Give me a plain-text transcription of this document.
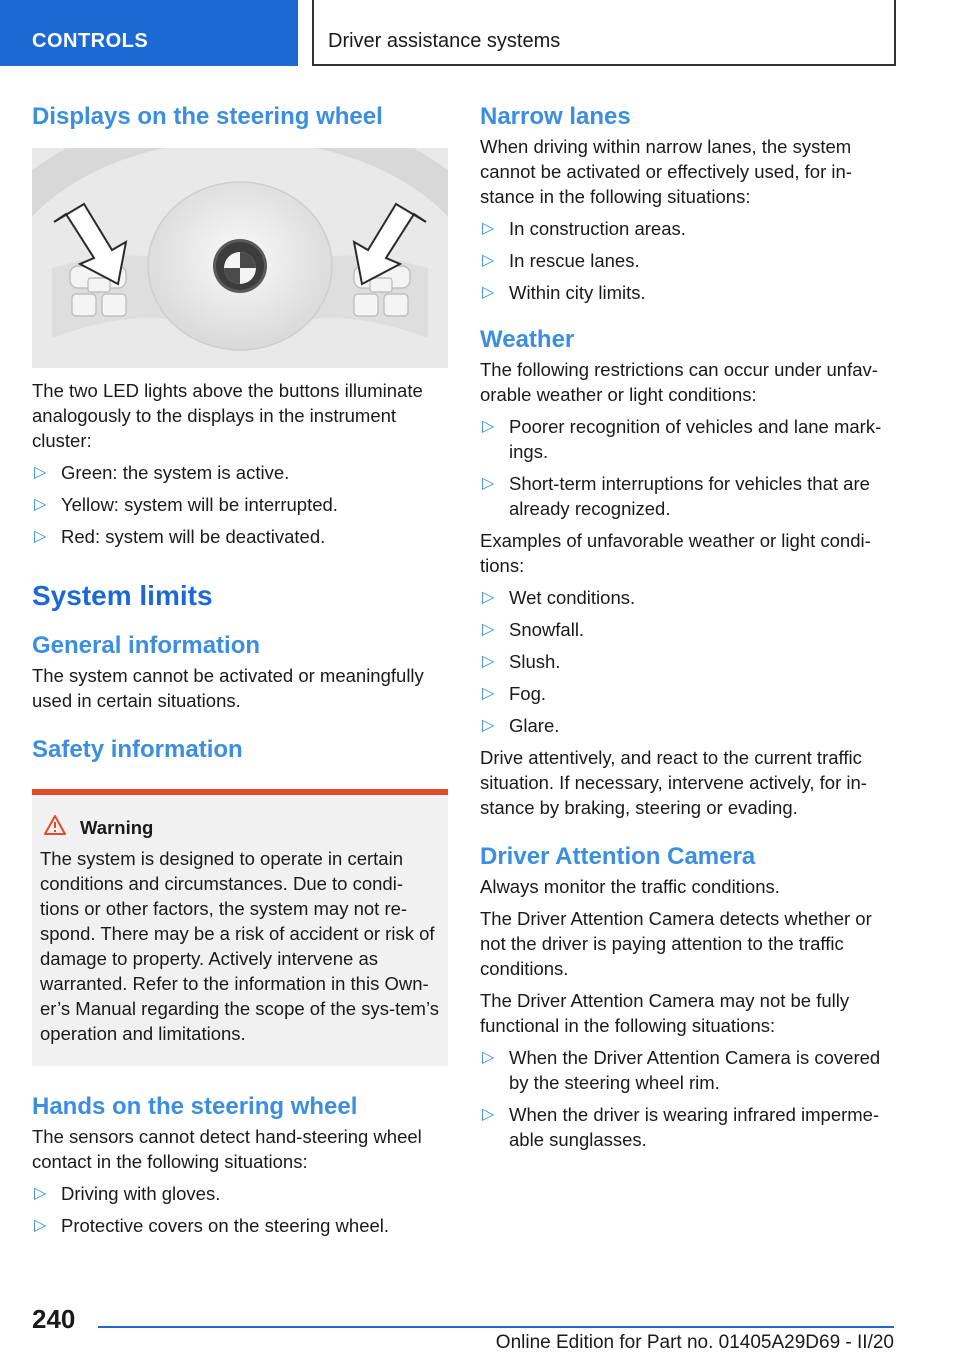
CONTROLS	Driver assistance systems
Displays on the steering wheel

The two LED lights above the buttons illuminate analogously to the displays in the instrument cluster:

▷ Green: the system is active.
▷ Yellow: system will be interrupted.
▷ Red: system will be deactivated.
System limits
General information

The system cannot be activated or meaningfully used in certain situations.

Safety information
Warning

The system is designed to operate in certain conditions and circumstances. Due to condi-tions or other factors, the system may not re-spond. There may be a risk of accident or risk of damage to property. Actively intervene as warranted. Refer to the information in this Own-er’s Manual regarding the scope of the sys-tem’s operation and limitations.

Hands on the steering wheel

The sensors cannot detect hand-steering wheel contact in the following situations:

▷ Driving with gloves.
▷ Protective covers on the steering wheel.
Narrow lanes

When driving within narrow lanes, the system cannot be activated or effectively used, for in-stance in the following situations:

▷ In construction areas.
▷ In rescue lanes.
▷ Within city limits.
Weather

The following restrictions can occur under unfav-orable weather or light conditions:

▷ Poorer recognition of vehicles and lane mark-ings.
▷ Short-term interruptions for vehicles that are already recognized.

Examples of unfavorable weather or light condi-tions:

▷ Wet conditions.
▷ Snowfall.
▷ Slush.
▷ Fog.
▷ Glare.

Drive attentively, and react to the current traffic situation. If necessary, intervene actively, for in-stance by braking, steering or evading.

Driver Attention Camera

Always monitor the traffic conditions.

The Driver Attention Camera detects whether or not the driver is paying attention to the traffic conditions.

The Driver Attention Camera may not be fully functional in the following situations:

▷ When the Driver Attention Camera is covered by the steering wheel rim.
▷ When the driver is wearing infrared imperme-able sunglasses.
240
Online Edition for Part no. 01405A29D69 - II/20
